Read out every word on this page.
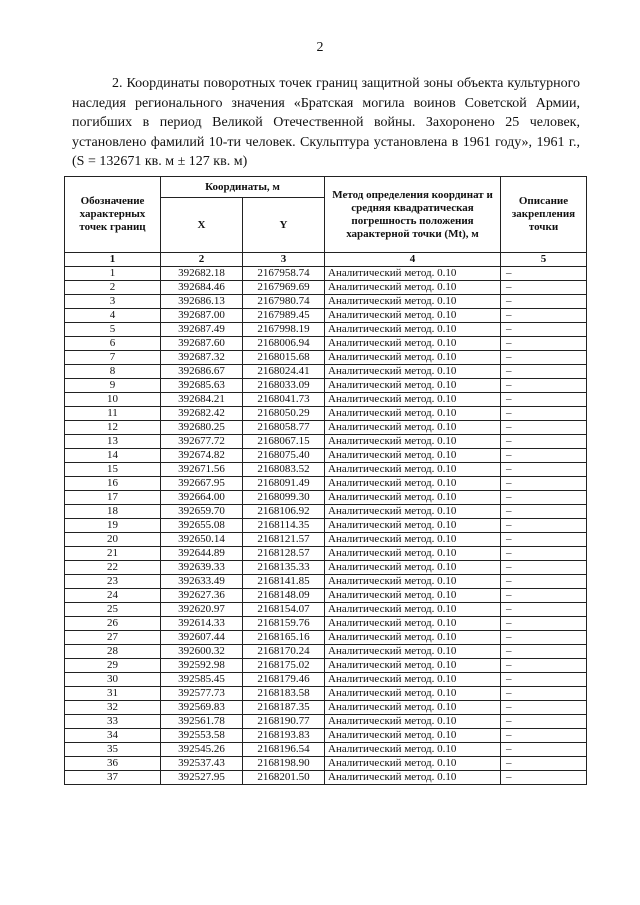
2
2. Координаты поворотных точек границ защитной зоны объекта культурного наследия регионального значения «Братская могила воинов Советской Армии, погибших в период Великой Отечественной войны. Захоронено 25 человек, установлено фамилий 10-ти человек. Скульптура установлена в 1961 году», 1961 г., (S = 132671 кв. м ± 127 кв. м)
Обозначение характерных точек границ	Координаты, м		Метод определения координат и средняя квадратическая погрешность положения характерной точки (Mt), м	Описание закрепления точки
	X	Y		
1	2	3	4	5
1	392682.18	2167958.74	Аналитический метод. 0.10	–
2	392684.46	2167969.69	Аналитический метод. 0.10	–
3	392686.13	2167980.74	Аналитический метод. 0.10	–
4	392687.00	2167989.45	Аналитический метод. 0.10	–
5	392687.49	2167998.19	Аналитический метод. 0.10	–
6	392687.60	2168006.94	Аналитический метод. 0.10	–
7	392687.32	2168015.68	Аналитический метод. 0.10	–
8	392686.67	2168024.41	Аналитический метод. 0.10	–
9	392685.63	2168033.09	Аналитический метод. 0.10	–
10	392684.21	2168041.73	Аналитический метод. 0.10	–
11	392682.42	2168050.29	Аналитический метод. 0.10	–
12	392680.25	2168058.77	Аналитический метод. 0.10	–
13	392677.72	2168067.15	Аналитический метод. 0.10	–
14	392674.82	2168075.40	Аналитический метод. 0.10	–
15	392671.56	2168083.52	Аналитический метод. 0.10	–
16	392667.95	2168091.49	Аналитический метод. 0.10	–
17	392664.00	2168099.30	Аналитический метод. 0.10	–
18	392659.70	2168106.92	Аналитический метод. 0.10	–
19	392655.08	2168114.35	Аналитический метод. 0.10	–
20	392650.14	2168121.57	Аналитический метод. 0.10	–
21	392644.89	2168128.57	Аналитический метод. 0.10	–
22	392639.33	2168135.33	Аналитический метод. 0.10	–
23	392633.49	2168141.85	Аналитический метод. 0.10	–
24	392627.36	2168148.09	Аналитический метод. 0.10	–
25	392620.97	2168154.07	Аналитический метод. 0.10	–
26	392614.33	2168159.76	Аналитический метод. 0.10	–
27	392607.44	2168165.16	Аналитический метод. 0.10	–
28	392600.32	2168170.24	Аналитический метод. 0.10	–
29	392592.98	2168175.02	Аналитический метод. 0.10	–
30	392585.45	2168179.46	Аналитический метод. 0.10	–
31	392577.73	2168183.58	Аналитический метод. 0.10	–
32	392569.83	2168187.35	Аналитический метод. 0.10	–
33	392561.78	2168190.77	Аналитический метод. 0.10	–
34	392553.58	2168193.83	Аналитический метод. 0.10	–
35	392545.26	2168196.54	Аналитический метод. 0.10	–
36	392537.43	2168198.90	Аналитический метод. 0.10	–
37	392527.95	2168201.50	Аналитический метод. 0.10	–
